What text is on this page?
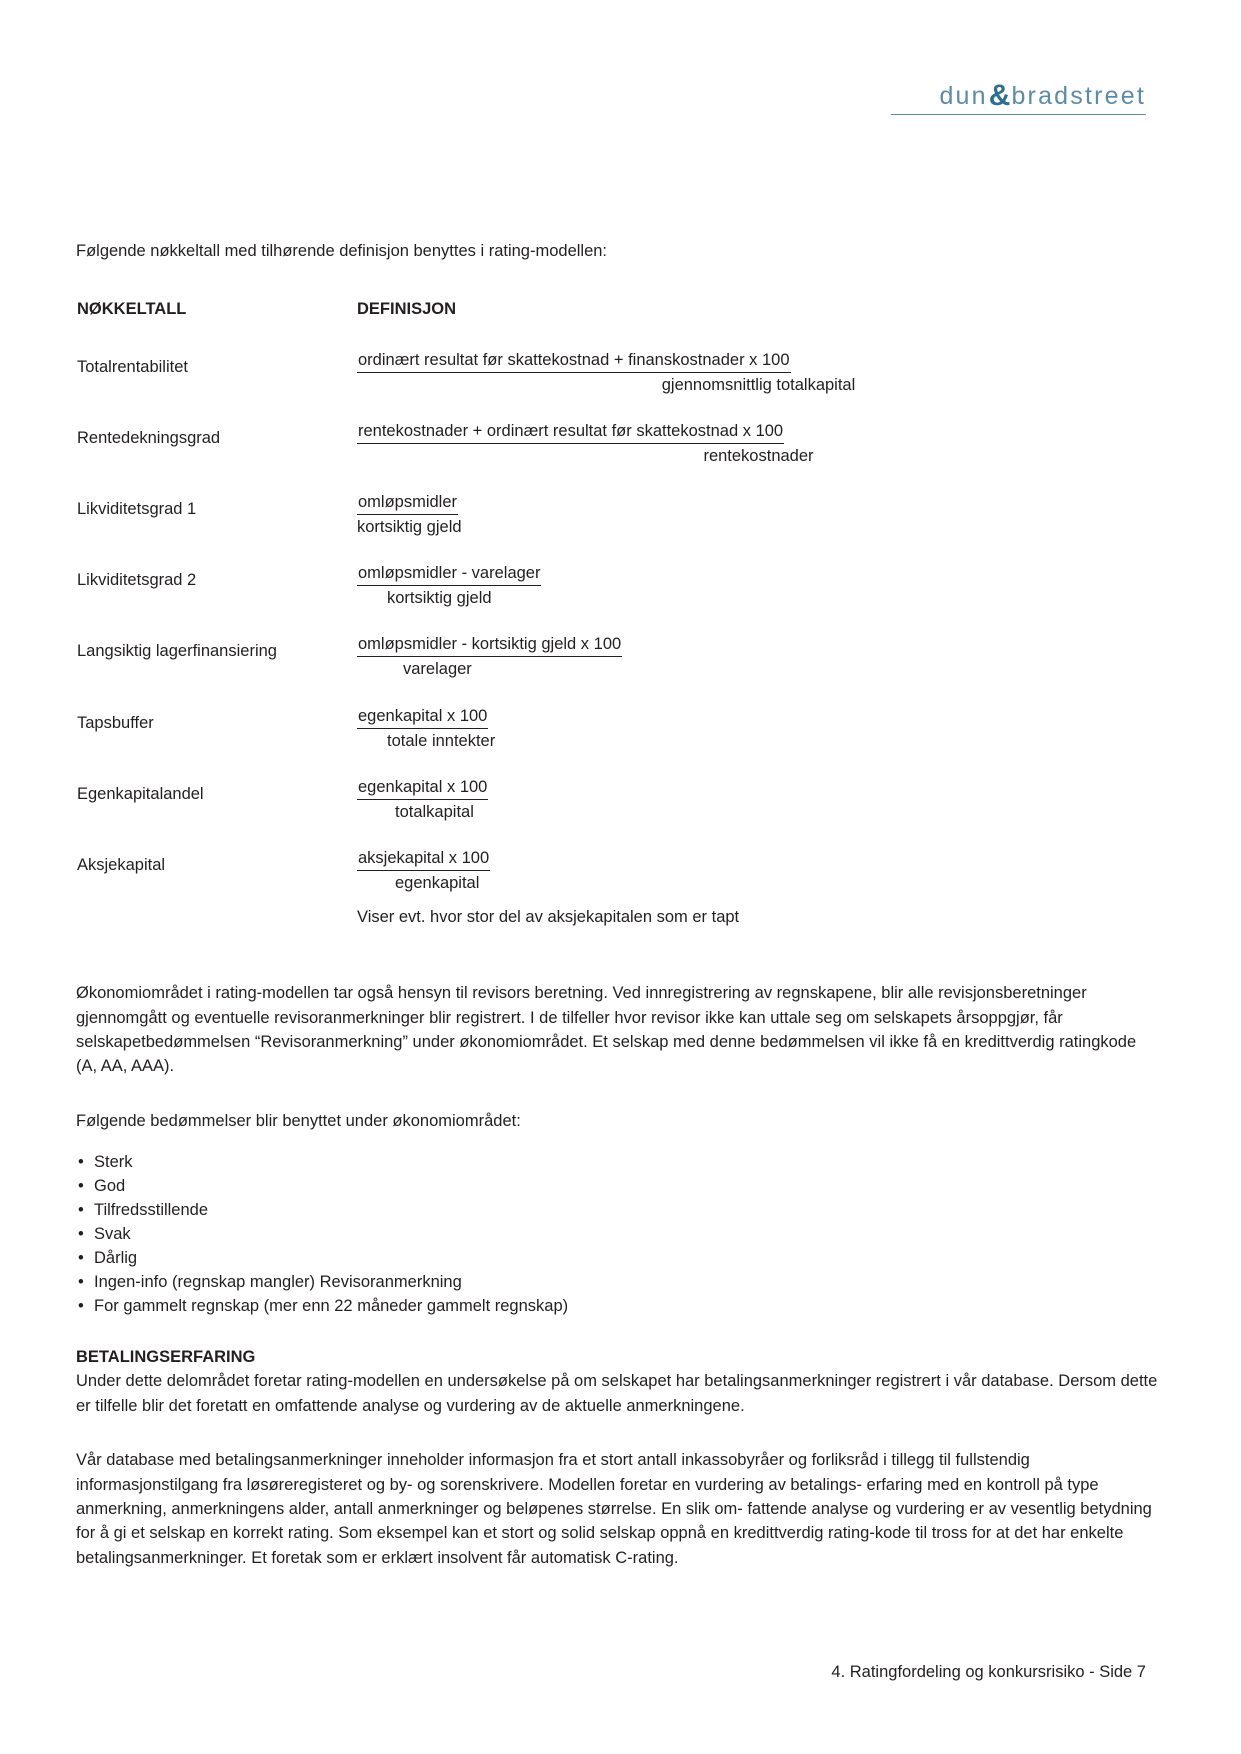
dun & bradstreet

Følgende nøkkeltall med tilhørende definisjon benyttes i rating-modellen:

NØKKELTALL	DEFINISJON
Totalrentabilitet	ordinært resultat før skattekostnad + finanskostnader x 100
gjennomsnittlig totalkapital

Rentedekningsgrad	rentekostnader + ordinært resultat før skattekostnad x 100
rentekostnader

Likviditetsgrad 1	omløpsmidler
kortsiktig gjeld

Likviditetsgrad 2	omløpsmidler - varelager
kortsiktig gjeld

Langsiktig lagerfinansiering	omløpsmidler - kortsiktig gjeld x 100
varelager

Tapsbuffer	egenkapital x 100
totale inntekter

Egenkapitalandel	egenkapital x 100
totalkapital

Aksjekapital	aksjekapital x 100
egenkapital
Viser evt. hvor stor del av aksjekapitalen som er tapt

Økonomiområdet i rating-modellen tar også hensyn til revisors beretning. Ved innregistrering av regnskapene, blir alle revisjonsberetninger gjennomgått og eventuelle revisoranmerkninger blir registrert. I de tilfeller hvor revisor ikke kan uttale seg om selskapets årsoppgjør, får selskapetbedømmelsen “Revisoranmerkning” under økonomiområdet. Et selskap med denne bedømmelsen vil ikke få en kredittverdig ratingkode (A, AA, AAA).

Følgende bedømmelser blir benyttet under økonomiområdet:

• Sterk
• God
• Tilfredsstillende
• Svak
• Dårlig
• Ingen-info (regnskap mangler) Revisoranmerkning
• For gammelt regnskap (mer enn 22 måneder gammelt regnskap)
BETALINGSERFARING

Under dette delområdet foretar rating-modellen en undersøkelse på om selskapet har betalingsanmerkninger registrert i vår database. Dersom dette er tilfelle blir det foretatt en omfattende analyse og vurdering av de aktuelle anmerkningene.

Vår database med betalingsanmerkninger inneholder informasjon fra et stort antall inkassobyråer og forliksråd i tillegg til fullstendig informasjonstilgang fra løsøreregisteret og by- og sorenskrivere. Modellen foretar en vurdering av betalings- erfaring med en kontroll på type anmerkning, anmerkningens alder, antall anmerkninger og beløpenes størrelse. En slik om- fattende analyse og vurdering er av vesentlig betydning for å gi et selskap en korrekt rating. Som eksempel kan et stort og solid selskap oppnå en kredittverdig rating-kode til tross for at det har enkelte betalingsanmerkninger. Et foretak som er erklært insolvent får automatisk C-rating.

4. Ratingfordeling og konkursrisiko - Side 7
